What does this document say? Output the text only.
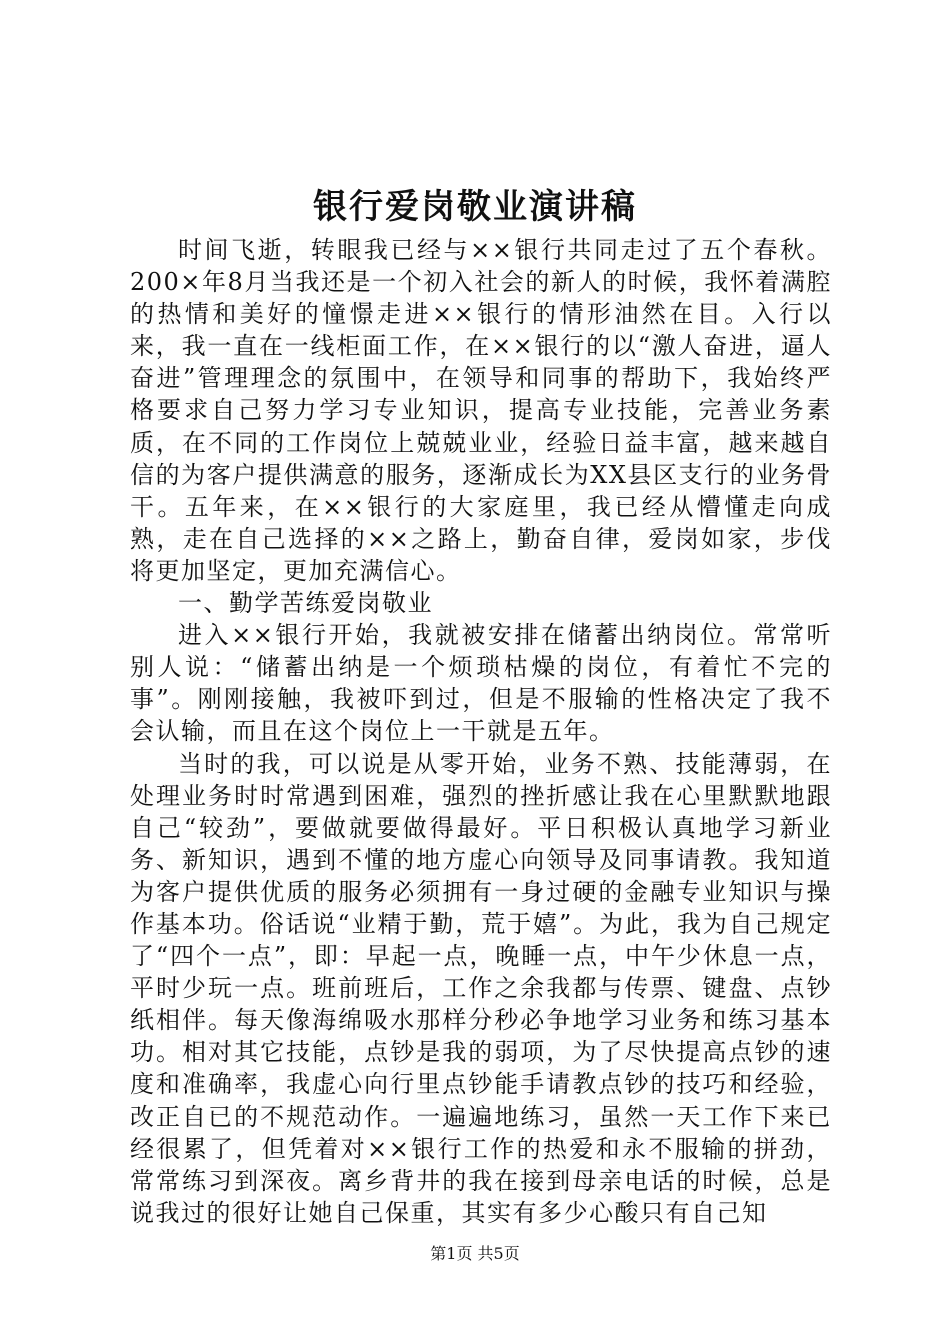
银行爱岗敬业演讲稿

时间飞逝，转眼我已经与××银行共同走过了五个春秋。200×年8月当我还是一个初入社会的新人的时候，我怀着满腔的热情和美好的憧憬走进××银行的情形油然在目。入行以来，我一直在一线柜面工作，在××银行的以“激人奋进，逼人奋进”管理理念的氛围中，在领导和同事的帮助下，我始终严格要求自己努力学习专业知识，提高专业技能，完善业务素质，在不同的工作岗位上兢兢业业，经验日益丰富，越来越自信的为客户提供满意的服务，逐渐成长为XX县区支行的业务骨干。五年来，在××银行的大家庭里，我已经从懵懂走向成熟，走在自己选择的××之路上，勤奋自律，爱岗如家，步伐将更加坚定，更加充满信心。

一、勤学苦练爱岗敬业

进入××银行开始，我就被安排在储蓄出纳岗位。常常听别人说：“储蓄出纳是一个烦琐枯燥的岗位，有着忙不完的事”。刚刚接触，我被吓到过，但是不服输的性格决定了我不会认输，而且在这个岗位上一干就是五年。

当时的我，可以说是从零开始，业务不熟、技能薄弱，在处理业务时时常遇到困难，强烈的挫折感让我在心里默默地跟自己“较劲”，要做就要做得最好。平日积极认真地学习新业务、新知识，遇到不懂的地方虚心向领导及同事请教。我知道为客户提供优质的服务必须拥有一身过硬的金融专业知识与操作基本功。俗话说“业精于勤，荒于嬉”。为此，我为自己规定了“四个一点”，即：早起一点，晚睡一点，中午少休息一点，平时少玩一点。班前班后，工作之余我都与传票、键盘、点钞纸相伴。每天像海绵吸水那样分秒必争地学习业务和练习基本功。相对其它技能，点钞是我的弱项，为了尽快提高点钞的速度和准确率，我虚心向行里点钞能手请教点钞的技巧和经验，改正自已的不规范动作。一遍遍地练习，虽然一天工作下来已经很累了，但凭着对××银行工作的热爱和永不服输的拼劲，常常练习到深夜。离乡背井的我在接到母亲电话的时候，总是说我过的很好让她自己保重，其实有多少心酸只有自己知

第1页 共5页
